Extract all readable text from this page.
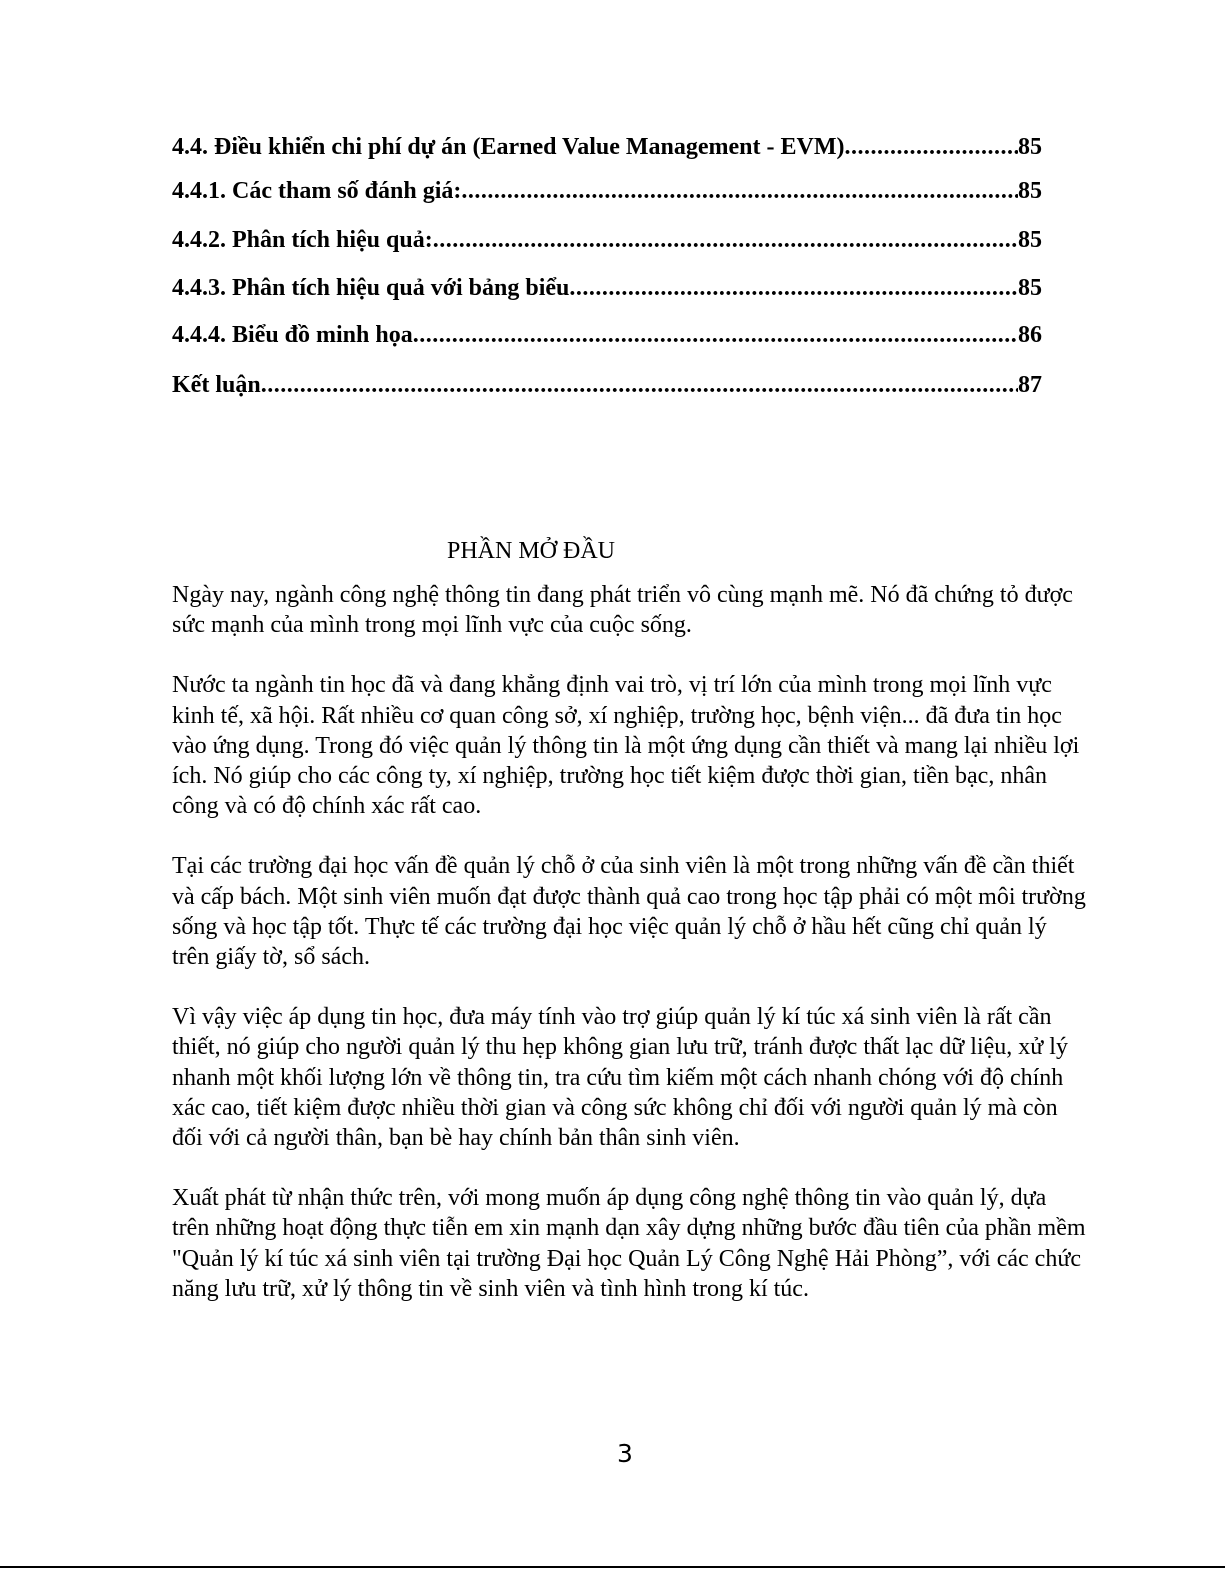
4.4. Điều khiển chi phí dự án (Earned Value Management - EVM) .....	85
4.4.1. Các tham số đánh giá: .....	85
4.4.2. Phân tích hiệu quả: .....	85
4.4.3. Phân tích hiệu quả với bảng biểu .....	85
4.4.4. Biểu đồ minh họa .....	86
Kết luận .....	87
PHẦN MỞ ĐẦU

Ngày nay, ngành công nghệ thông tin đang phát triển vô cùng mạnh mẽ. Nó đã chứng tỏ được sức mạnh của mình trong mọi lĩnh vực của cuộc sống.

Nước ta ngành tin học đã và đang khẳng định vai trò, vị trí lớn của mình trong mọi lĩnh vực kinh tế, xã hội. Rất nhiều cơ quan công sở, xí nghiệp, trường học, bệnh viện... đã đưa tin học vào ứng dụng. Trong đó việc quản lý thông tin là một ứng dụng cần thiết và mang lại nhiều lợi ích. Nó giúp cho các công ty, xí nghiệp, trường học tiết kiệm được thời gian, tiền bạc, nhân công và có độ chính xác rất cao.

Tại các trường đại học vấn đề quản lý chỗ ở của sinh viên là một trong những vấn đề cần thiết và cấp bách. Một sinh viên muốn đạt được thành quả cao trong học tập phải có một môi trường sống và học tập tốt. Thực tế các trường đại học việc quản lý chỗ ở hầu hết cũng chỉ quản lý trên giấy tờ, sổ sách.

Vì vậy việc áp dụng tin học, đưa máy tính vào trợ giúp quản lý kí túc xá sinh viên là rất cần thiết, nó giúp cho người quản lý thu hẹp không gian lưu trữ, tránh được thất lạc dữ liệu, xử lý nhanh một khối lượng lớn về thông tin, tra cứu tìm kiếm một cách nhanh chóng với độ chính xác cao, tiết kiệm được nhiều thời gian và công sức không chỉ đối với người quản lý mà còn đối với cả người thân, bạn bè hay chính bản thân sinh viên.

Xuất phát từ nhận thức trên, với mong muốn áp dụng công nghệ thông tin vào quản lý, dựa trên những hoạt động thực tiễn em xin mạnh dạn xây dựng những bước đầu tiên của phần mềm "Quản lý kí túc xá sinh viên tại trường Đại học Quản Lý Công Nghệ Hải Phòng”, với các chức năng lưu trữ, xử lý thông tin về sinh viên và tình hình trong kí túc.

3
